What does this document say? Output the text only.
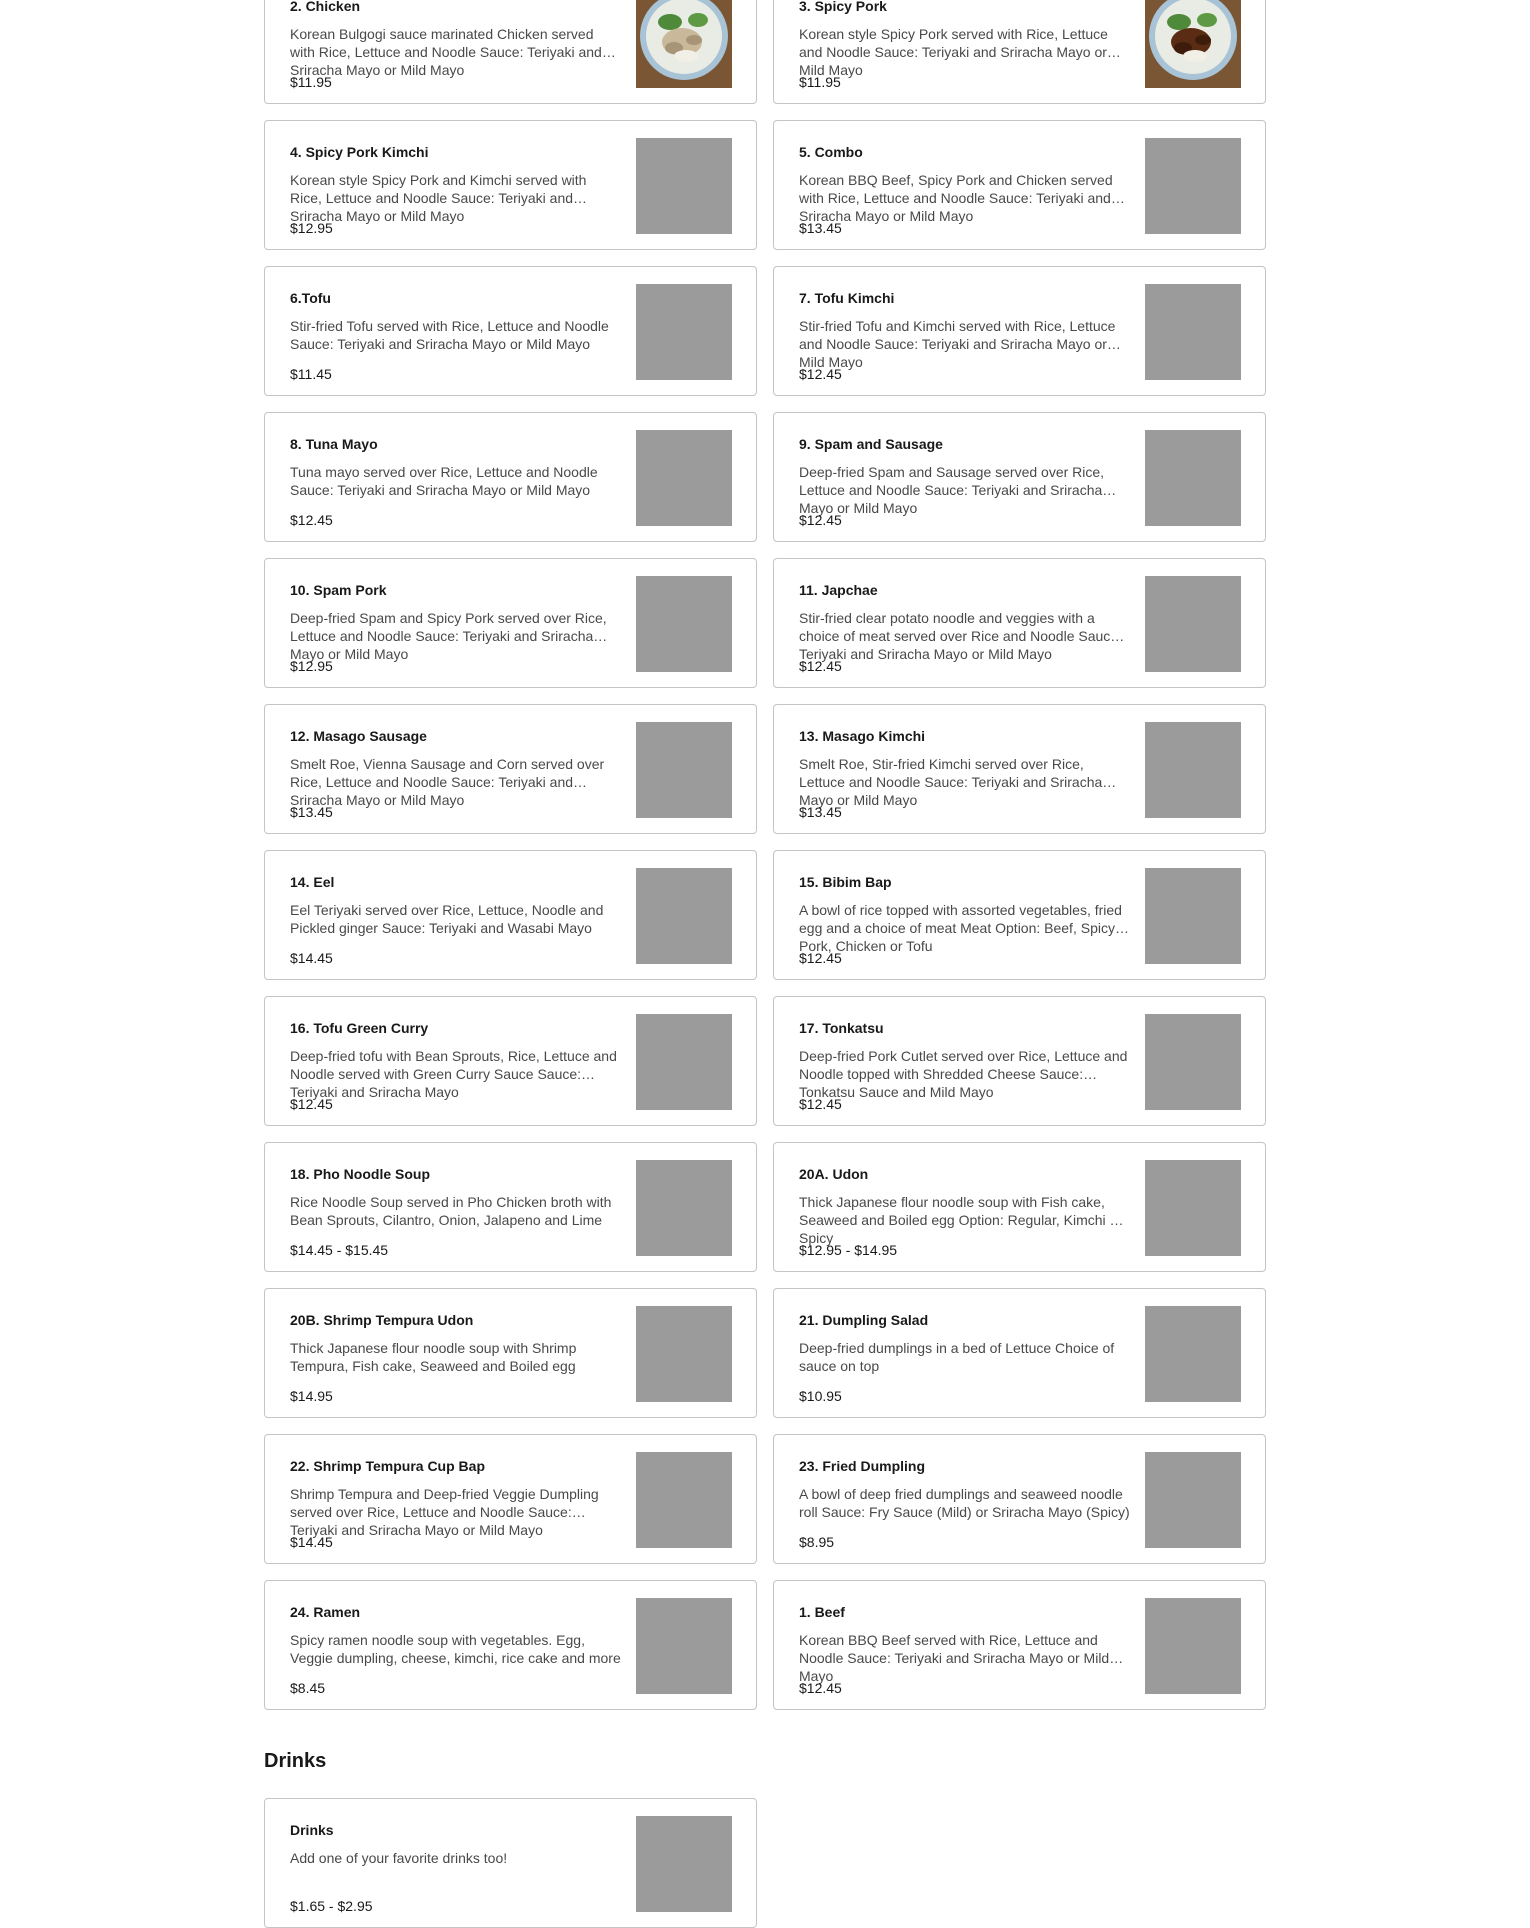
2. Chicken
Korean Bulgogi sauce marinated Chicken served with Rice, Lettuce and Noodle Sauce: Teriyaki and Sriracha Mayo or Mild Mayo
$11.95
3. Spicy Pork
Korean style Spicy Pork served with Rice, Lettuce and Noodle Sauce: Teriyaki and Sriracha Mayo or Mild Mayo
$11.95
4. Spicy Pork Kimchi
Korean style Spicy Pork and Kimchi served with Rice, Lettuce and Noodle Sauce: Teriyaki and Sriracha Mayo or Mild Mayo
$12.95
5. Combo
Korean BBQ Beef, Spicy Pork and Chicken served with Rice, Lettuce and Noodle Sauce: Teriyaki and Sriracha Mayo or Mild Mayo
$13.45
6.Tofu
Stir-fried Tofu served with Rice, Lettuce and Noodle Sauce: Teriyaki and Sriracha Mayo or Mild Mayo
$11.45
7. Tofu Kimchi
Stir-fried Tofu and Kimchi served with Rice, Lettuce and Noodle Sauce: Teriyaki and Sriracha Mayo or Mild Mayo
$12.45
8. Tuna Mayo
Tuna mayo served over Rice, Lettuce and Noodle Sauce: Teriyaki and Sriracha Mayo or Mild Mayo
$12.45
9. Spam and Sausage
Deep-fried Spam and Sausage served over Rice, Lettuce and Noodle Sauce: Teriyaki and Sriracha Mayo or Mild Mayo
$12.45
10. Spam Pork
Deep-fried Spam and Spicy Pork served over Rice, Lettuce and Noodle Sauce: Teriyaki and Sriracha Mayo or Mild Mayo
$12.95
11. Japchae
Stir-fried clear potato noodle and veggies with a choice of meat served over Rice and Noodle Sauce: Teriyaki and Sriracha Mayo or Mild Mayo
$12.45
12. Masago Sausage
Smelt Roe, Vienna Sausage and Corn served over Rice, Lettuce and Noodle Sauce: Teriyaki and Sriracha Mayo or Mild Mayo
$13.45
13. Masago Kimchi
Smelt Roe, Stir-fried Kimchi served over Rice, Lettuce and Noodle Sauce: Teriyaki and Sriracha Mayo or Mild Mayo
$13.45
14. Eel
Eel Teriyaki served over Rice, Lettuce, Noodle and Pickled ginger Sauce: Teriyaki and Wasabi Mayo
$14.45
15. Bibim Bap
A bowl of rice topped with assorted vegetables, fried egg and a choice of meat Meat Option: Beef, Spicy Pork, Chicken or Tofu
$12.45
16. Tofu Green Curry
Deep-fried tofu with Bean Sprouts, Rice, Lettuce and Noodle served with Green Curry Sauce Sauce: Teriyaki and Sriracha Mayo
$12.45
17. Tonkatsu
Deep-fried Pork Cutlet served over Rice, Lettuce and Noodle topped with Shredded Cheese Sauce: Tonkatsu Sauce and Mild Mayo
$12.45
18. Pho Noodle Soup
Rice Noodle Soup served in Pho Chicken broth with Bean Sprouts, Cilantro, Onion, Jalapeno and Lime
$14.45 - $15.45
20A. Udon
Thick Japanese flour noodle soup with Fish cake, Seaweed and Boiled egg Option: Regular, Kimchi or Spicy
$12.95 - $14.95
20B. Shrimp Tempura Udon
Thick Japanese flour noodle soup with Shrimp Tempura, Fish cake, Seaweed and Boiled egg
$14.95
21. Dumpling Salad
Deep-fried dumplings in a bed of Lettuce Choice of sauce on top
$10.95
22. Shrimp Tempura Cup Bap
Shrimp Tempura and Deep-fried Veggie Dumpling served over Rice, Lettuce and Noodle Sauce: Teriyaki and Sriracha Mayo or Mild Mayo
$14.45
23. Fried Dumpling
A bowl of deep fried dumplings and seaweed noodle roll Sauce: Fry Sauce (Mild) or Sriracha Mayo (Spicy)
$8.95
24. Ramen
Spicy ramen noodle soup with vegetables. Egg, Veggie dumpling, cheese, kimchi, rice cake and more
$8.45
1. Beef
Korean BBQ Beef served with Rice, Lettuce and Noodle Sauce: Teriyaki and Sriracha Mayo or Mild Mayo
$12.45
Drinks
Drinks
Add one of your favorite drinks too!
$1.65 - $2.95
